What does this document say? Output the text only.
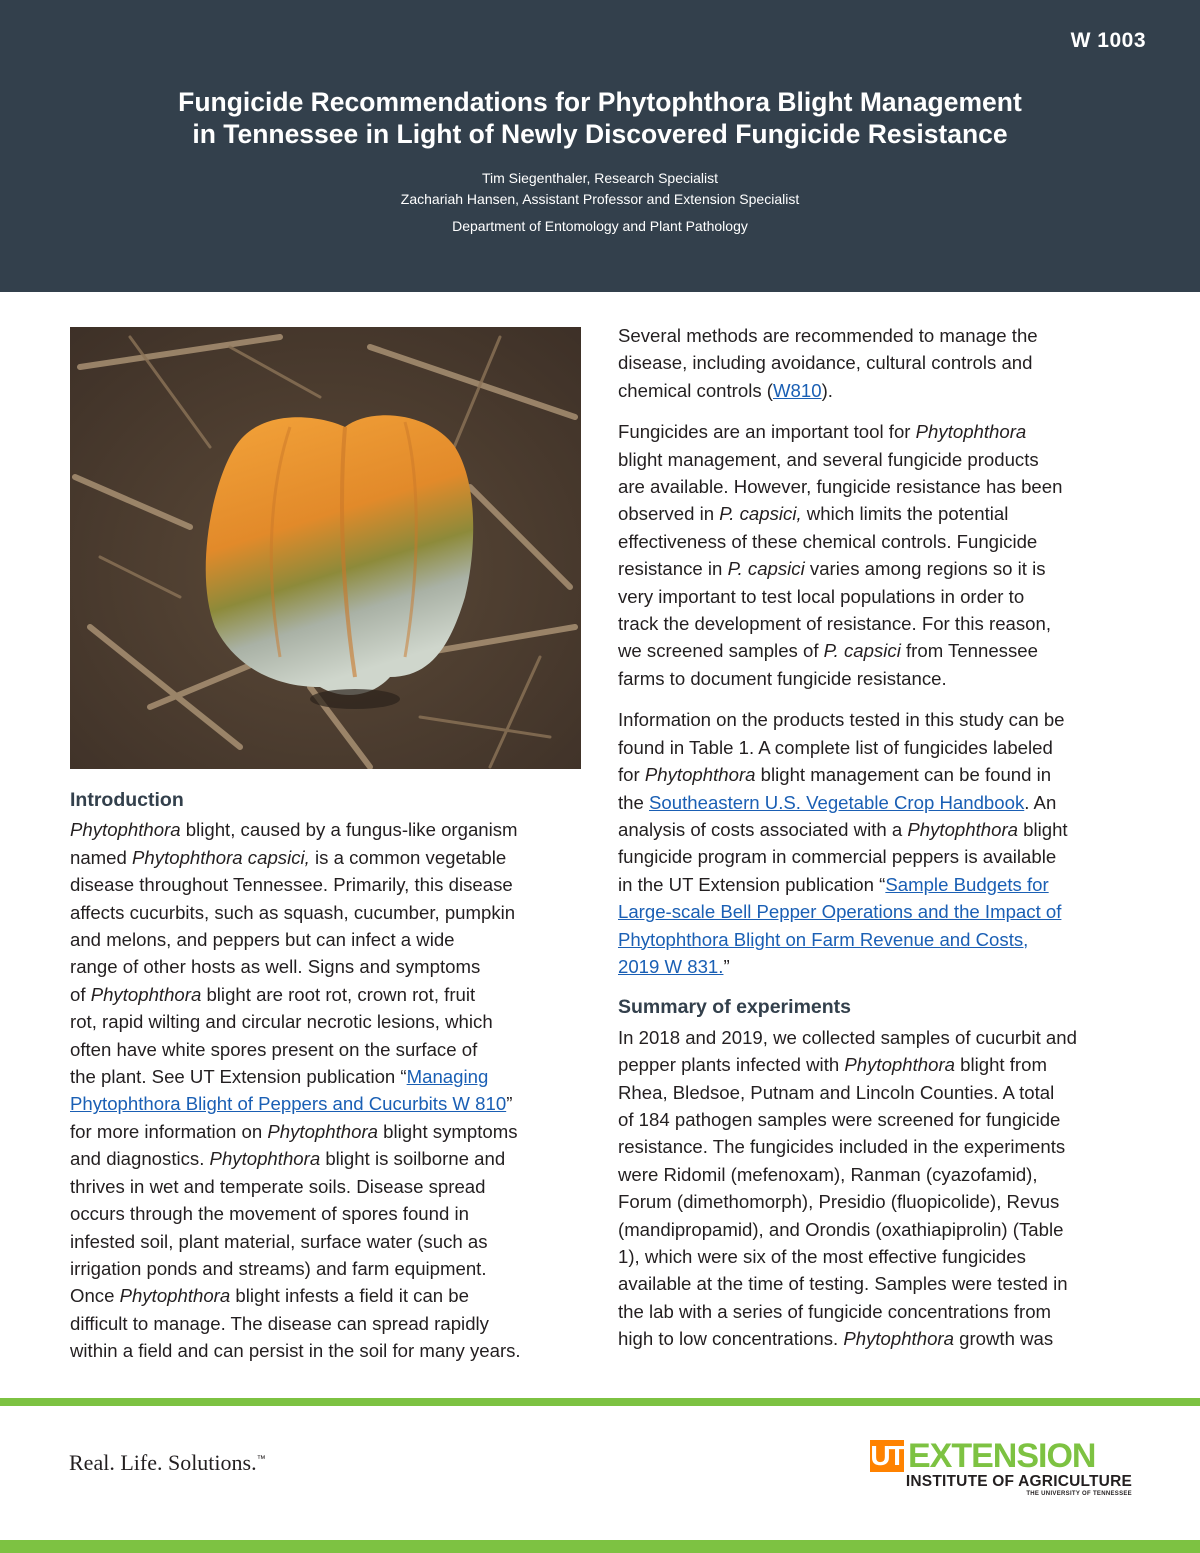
W 1003
Fungicide Recommendations for Phytophthora Blight Management
in Tennessee in Light of Newly Discovered Fungicide Resistance
Tim Siegenthaler, Research Specialist
Zachariah Hansen, Assistant Professor and Extension Specialist
Department of Entomology and Plant Pathology
Introduction

Phytophthora blight, caused by a fungus-like organism
named Phytophthora capsici, is a common vegetable
disease throughout Tennessee. Primarily, this disease
affects cucurbits, such as squash, cucumber, pumpkin
and melons, and peppers but can infect a wide
range of other hosts as well. Signs and symptoms
of Phytophthora blight are root rot, crown rot, fruit
rot, rapid wilting and circular necrotic lesions, which
often have white spores present on the surface of
the plant. See UT Extension publication “Managing
Phytophthora Blight of Peppers and Cucurbits W 810”
for more information on Phytophthora blight symptoms
and diagnostics. Phytophthora blight is soilborne and
thrives in wet and temperate soils. Disease spread
occurs through the movement of spores found in
infested soil, plant material, surface water (such as
irrigation ponds and streams) and farm equipment.
Once Phytophthora blight infests a field it can be
difficult to manage. The disease can spread rapidly
within a field and can persist in the soil for many years.

Several methods are recommended to manage the
disease, including avoidance, cultural controls and
chemical controls (W810).

Fungicides are an important tool for Phytophthora
blight management, and several fungicide products
are available. However, fungicide resistance has been
observed in P. capsici, which limits the potential
effectiveness of these chemical controls. Fungicide
resistance in P. capsici varies among regions so it is
very important to test local populations in order to
track the development of resistance. For this reason,
we screened samples of P. capsici from Tennessee
farms to document fungicide resistance.

Information on the products tested in this study can be
found in Table 1. A complete list of fungicides labeled
for Phytophthora blight management can be found in
the Southeastern U.S. Vegetable Crop Handbook. An
analysis of costs associated with a Phytophthora blight
fungicide program in commercial peppers is available
in the UT Extension publication “Sample Budgets for
Large-scale Bell Pepper Operations and the Impact of
Phytophthora Blight on Farm Revenue and Costs,
2019 W 831.”

Summary of experiments

In 2018 and 2019, we collected samples of cucurbit and
pepper plants infected with Phytophthora blight from
Rhea, Bledsoe, Putnam and Lincoln Counties. A total
of 184 pathogen samples were screened for fungicide
resistance. The fungicides included in the experiments
were Ridomil (mefenoxam), Ranman (cyazofamid),
Forum (dimethomorph), Presidio (fluopicolide), Revus
(mandipropamid), and Orondis (oxathiapiprolin) (Table
1), which were six of the most effective fungicides
available at the time of testing. Samples were tested in
the lab with a series of fungicide concentrations from
high to low concentrations. Phytophthora growth was

Real. Life. Solutions.™	UT EXTENSION
INSTITUTE OF AGRICULTURE
THE UNIVERSITY OF TENNESSEE
